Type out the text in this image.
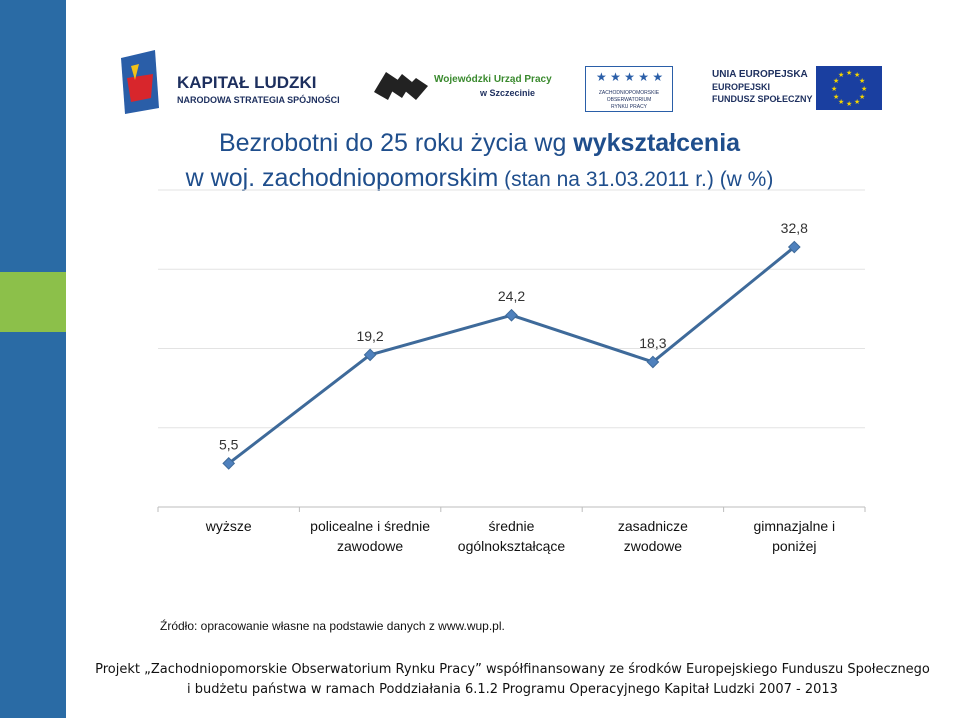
KAPITAŁ LUDZKI
NARODOWA STRATEGIA SPÓJNOŚCI
Wojewódzki Urząd Pracy
w Szczecinie
★ ★ ★ ★ ★
ZACHODNIOPOMORSKIE
OBSERWATORIUM
RYNKU PRACY
UNIA EUROPEJSKA
EUROPEJSKI
FUNDUSZ SPOŁECZNY
★ ★
★
★
★
★
★
★
★
★
★
★
Bezrobotni do 25 roku życia wg wykształcenia
w woj. zachodniopomorskim (stan na 31.03.2011 r.) (w %)
5,5
19,2
24,2
18,3
32,8
wyższe	policealne i średnie
zawodowe
średnie
ogólnokształcące
zasadnicze
zwodowe
gimnazjalne i
poniżej
Źródło: opracowanie własne na podstawie danych z www.wup.pl.
Projekt „Zachodniopomorskie Obserwatorium Rynku Pracy” współfinansowany ze środków Europejskiego Funduszu Społecznego
i budżetu państwa w ramach Poddziałania 6.1.2 Programu Operacyjnego Kapitał Ludzki 2007 - 2013
